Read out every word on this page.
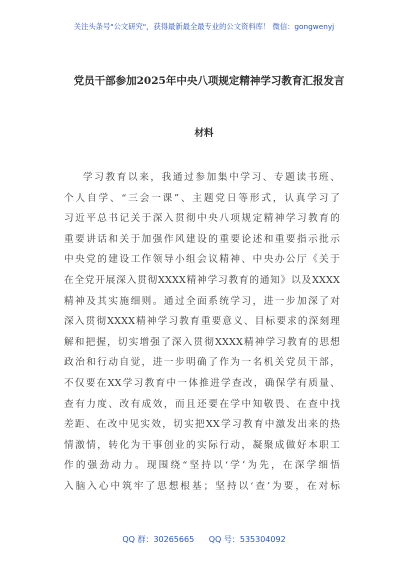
关注头条号"公文研究"，获得最新最全最专业的公文资料库！ 微信：gongwenyj
党员干部参加2025年中央八项规定精神学习教育汇报发言
材料
学习教育以来，我通过参加集中学习、专题读书班、
个人自学、“三会一课”、主题党日等形式，认真学习了
习近平总书记关于深入贯彻中央八项规定精神学习教育的
重要讲话和关于加强作风建设的重要论述和重要指示批示
中央党的建设工作领导小组会议精神、中央办公厅《关于
在全党开展深入贯彻XXXX精神学习教育的通知》以及XXXX
精神及其实施细则。通过全面系统学习，进一步加深了对
深入贯彻XXXX精神学习教育重要意义、目标要求的深刻理
解和把握，切实增强了深入贯彻XXXX精神学习教育的思想
政治和行动自觉，进一步明确了作为一名机关党员干部，
不仅要在XX学习教育中一体推进学查改，确保学有质量、
查有力度、改有成效，而且还要在学中知敬畏、在查中找
差距、在改中见实效，切实把XX学习教育中激发出来的热
情激情，转化为干事创业的实际行动，凝聚成做好本职工
作的强劲动力。现围绕“坚持以‘学’为先，在深学细悟
入脑入心中筑牢了思想根基；坚持以‘查’为要，在对标
QQ 群：30265665 QQ 号：535304092
